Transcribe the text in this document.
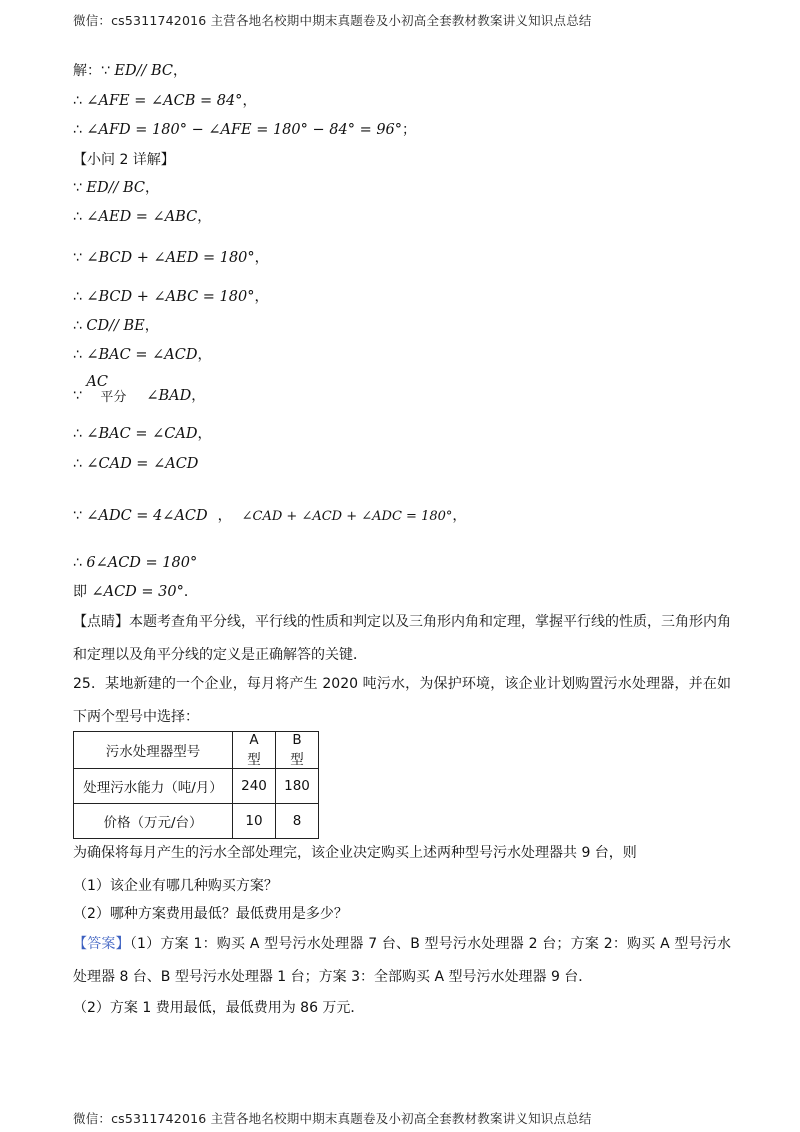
微信：cs5311742016 主营各地名校期中期末真题卷及小初高全套教材教案讲义知识点总结
解：∵ ED// BC，
∴ ∠AFE = ∠ACB = 84°，
∴ ∠AFD = 180° − ∠AFE = 180° − 84° = 96°；
【小问 2 详解】
∵ ED// BC，
∴ ∠AED = ∠ABC，
∵ ∠BCD + ∠AED = 180°，
∴ ∠BCD + ∠ABC = 180°，
∴ CD// BE，
∴ ∠BAC = ∠ACD，
∵
AC
平分 ∠BAD，
∴ ∠BAC = ∠CAD，
∴ ∠CAD = ∠ACD
∵ ∠ADC = 4∠ACD ， ∠CAD + ∠ACD + ∠ADC = 180°，
∴ 6∠ACD = 180°
即 ∠ACD = 30°．
【点睛】本题考查角平分线，平行线的性质和判定以及三角形内角和定理，掌握平行线的性质，三角形内角和定理以及角平分线的定义是正确解答的关键．
25．某地新建的一个企业，每月将产生 2020 吨污水，为保护环境，该企业计划购置污水处理器，并在如下两个型号中选择：
污水处理器型号	A 型	B 型
处理污水能力（吨/月）	240	180
价格（万元/台）	10	8
为确保将每月产生的污水全部处理完，该企业决定购买上述两种型号污水处理器共 9 台，则
（1）该企业有哪几种购买方案？
（2）哪种方案费用最低？最低费用是多少？
【答案】（1）方案 1：购买 A 型号污水处理器 7 台、B 型号污水处理器 2 台；方案 2：购买 A 型号污水处理器 8 台、B 型号污水处理器 1 台；方案 3：全部购买 A 型号污水处理器 9 台．
（2）方案 1 费用最低，最低费用为 86 万元．
微信：cs5311742016 主营各地名校期中期末真题卷及小初高全套教材教案讲义知识点总结
